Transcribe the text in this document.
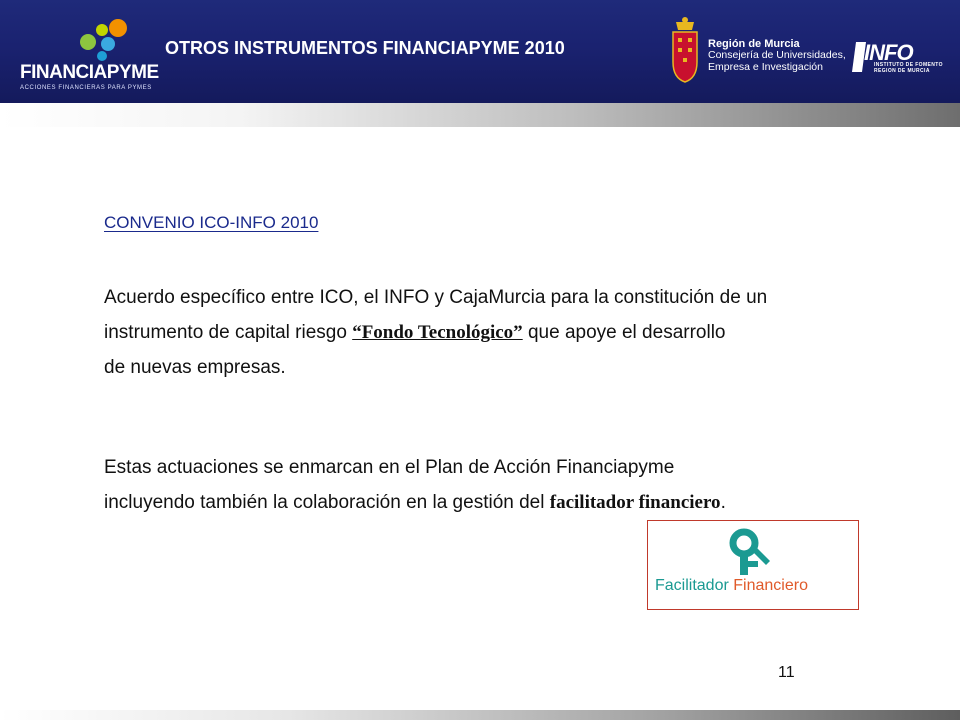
FINANCIAPYME
ACCIONES FINANCIERAS PARA PYMES
OTROS INSTRUMENTOS FINANCIAPYME 2010	Región de Murcia
Consejería de Universidades,
Empresa e Investigación
INFO
INSTITUTO DE FOMENTO
REGION DE MURCIA
CONVENIO ICO-INFO 2010
Acuerdo específico entre ICO, el INFO y CajaMurcia para la constitución de un
instrumento de capital riesgo “Fondo Tecnológico” que apoye el desarrollo
de nuevas empresas.
Estas actuaciones se enmarcan en el Plan de Acción Financiapyme
incluyendo también la colaboración en la gestión del facilitador financiero.
Facilitador Financiero
11
